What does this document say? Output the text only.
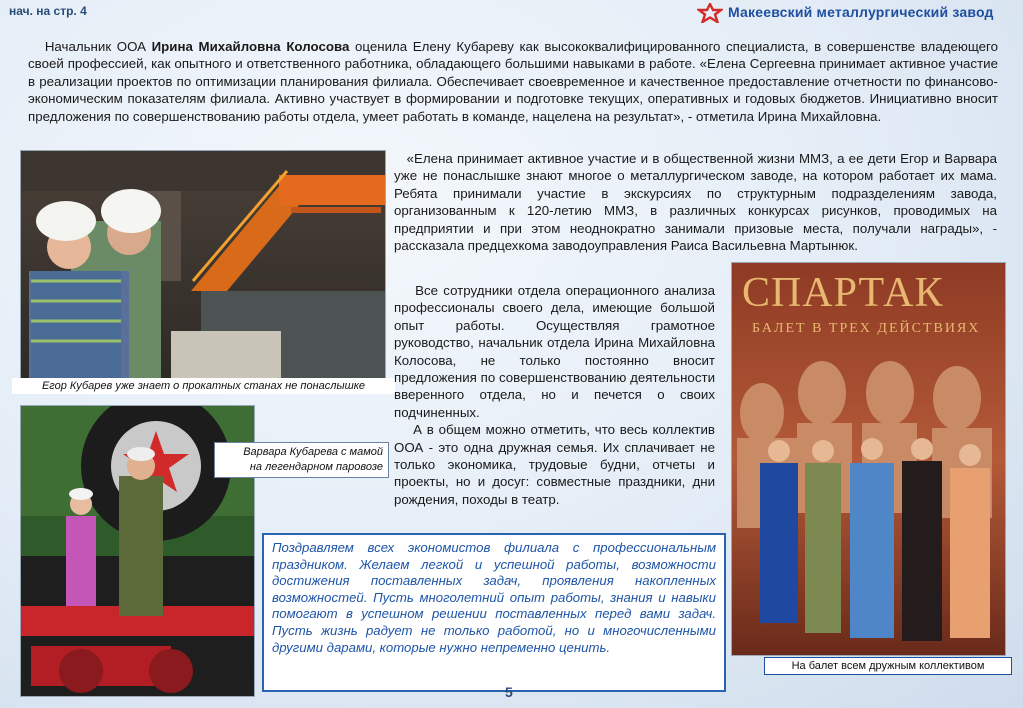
нач. на стр. 4	Макеевский металлургический завод
Начальник ООА Ирина Михайловна Колосова оценила Елену Кубареву как высококвалифицированного специалиста, в совершенстве владеющего своей профессией, как опытного и ответственного работника, обладающего большими навыками в работе. «Елена Сергеевна принимает активное участие в реализации проектов по оптимизации планирования филиала. Обеспечивает своевременное и качественное предоставление отчетности по финансово-экономическим показателям филиала. Активно участвует в формировании и подготовке текущих, оперативных и годовых бюджетов. Инициативно вносит предложения по совершенствованию работы отдела, умеет работать в команде, нацелена на результат», - отметила Ирина Михайловна.
Егор Кубарев уже знает о прокатных станах не понаслышке
«Елена принимает активное участие и в общественной жизни ММЗ, а ее дети Егор и Варвара уже не понаслышке знают многое о металлургическом заводе, на котором работает их мама. Ребята принимали участие в экскурсиях по структурным подразделениям завода, организованным к 120-летию ММЗ, в различных конкурсах рисунков, проводимых на предприятии и при этом неоднократно занимали призовые места, получали награды», - рассказала предцехкома заводоуправления Раиса Васильевна Мартынюк.
Все сотрудники отдела операционного анализа профессионалы своего дела, имеющие большой опыт работы. Осуществляя грамотное руководство, начальник отдела Ирина Михайловна Колосова, не только постоянно вносит предложения по совершенствованию деятельности вверенного отдела, но и печется о своих подчиненных.
А в общем можно отметить, что весь коллектив ООА - это одна дружная семья. Их сплачивает не только экономика, трудовые будни, отчеты и проекты, но и досуг: совместные праздники, дни рождения, походы в театр.
Варвара Кубарева с мамой
на легендарном паровозе
СПАРТАК
БАЛЕТ В ТРЕХ ДЕЙСТВИЯХ
На балет всем дружным коллективом
Поздравляем всех экономистов филиала с профессиональным праздником. Желаем легкой и успешной работы, возможности достижения поставленных задач, проявления накопленных возможностей. Пусть многолетний опыт работы, знания и навыки помогают в успешном решении поставленных перед вами задач. Пусть жизнь радует не только работой, но и многочисленными другими дарами, которые нужно непременно ценить.
5
